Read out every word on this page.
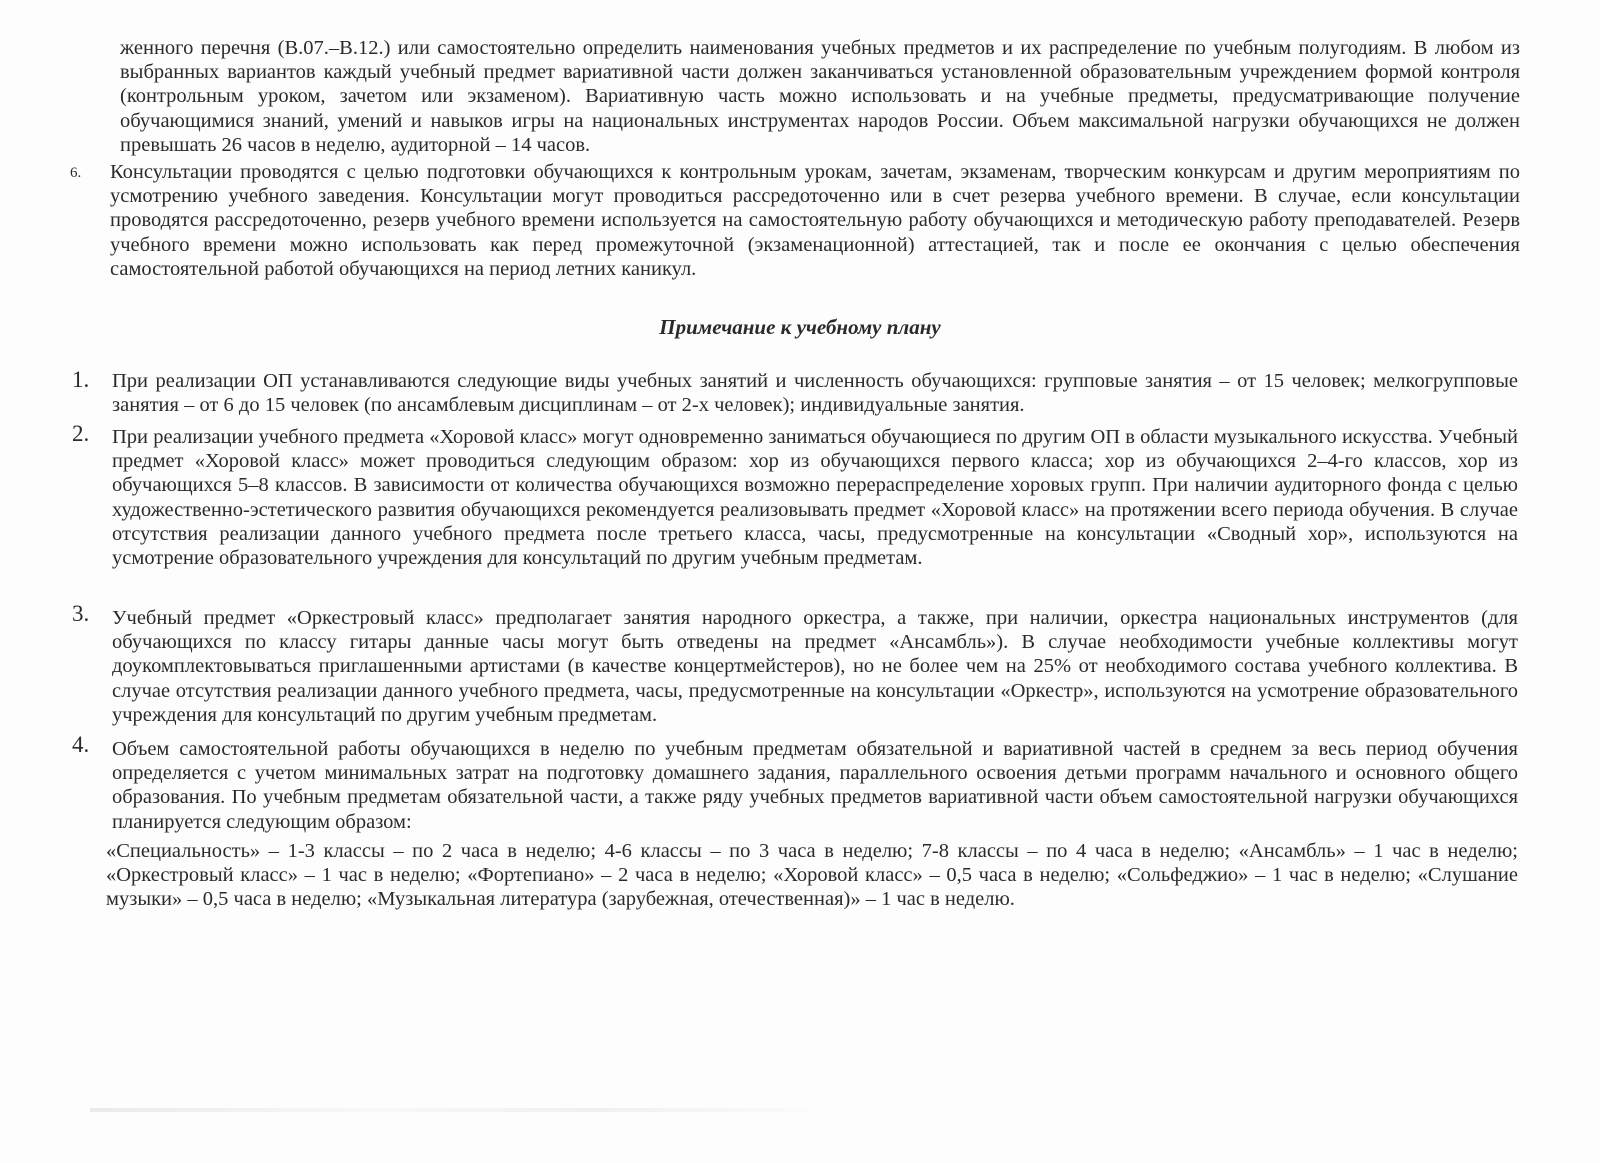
женного перечня (В.07.–В.12.) или самостоятельно определить наименования учебных предметов и их распределение по учебным полугодиям. В любом из выбранных вариантов каждый учебный предмет вариативной части должен заканчиваться установленной образовательным учреждением формой контроля (контрольным уроком, зачетом или экзаменом). Вариативную часть можно использовать и на учебные предметы, предусматривающие получение обучающимися знаний, умений и навыков игры на национальных инструментах народов России. Объем максимальной нагрузки обучающихся не должен превышать 26 часов в неделю, аудиторной – 14 часов.

6. Консультации проводятся с целью подготовки обучающихся к контрольным урокам, зачетам, экзаменам, творческим конкурсам и другим мероприятиям по усмотрению учебного заведения. Консультации могут проводиться рассредоточенно или в счет резерва учебного времени. В случае, если консультации проводятся рассредоточенно, резерв учебного времени используется на самостоятельную работу обучающихся и методическую работу преподавателей. Резерв учебного времени можно использовать как перед промежуточной (экзаменационной) аттестацией, так и после ее окончания с целью обеспечения самостоятельной работой обучающихся на период летних каникул.

Примечание к учебному плану
1. При реализации ОП устанавливаются следующие виды учебных занятий и численность обучающихся: групповые занятия – от 15 человек; мелкогрупповые занятия – от 6 до 15 человек (по ансамблевым дисциплинам – от 2-х человек); индивидуальные занятия.

2. При реализации учебного предмета «Хоровой класс» могут одновременно заниматься обучающиеся по другим ОП в области музыкального искусства. Учебный предмет «Хоровой класс» может проводиться следующим образом: хор из обучающихся первого класса; хор из обучающихся 2–4-го классов, хор из обучающихся 5–8 классов. В зависимости от количества обучающихся возможно перераспределение хоровых групп. При наличии аудиторного фонда с целью художественно-эстетического развития обучающихся рекомендуется реализовывать предмет «Хоровой класс» на протяжении всего периода обучения. В случае отсутствия реализации данного учебного предмета после третьего класса, часы, предусмотренные на консультации «Сводный хор», используются на усмотрение образовательного учреждения для консультаций по другим учебным предметам.

3. Учебный предмет «Оркестровый класс» предполагает занятия народного оркестра, а также, при наличии, оркестра национальных инструментов (для обучающихся по классу гитары данные часы могут быть отведены на предмет «Ансамбль»). В случае необходимости учебные коллективы могут доукомплектовываться приглашенными артистами (в качестве концертмейстеров), но не более чем на 25% от необходимого состава учебного коллектива. В случае отсутствия реализации данного учебного предмета, часы, предусмотренные на консультации «Оркестр», используются на усмотрение образовательного учреждения для консультаций по другим учебным предметам.

4. Объем самостоятельной работы обучающихся в неделю по учебным предметам обязательной и вариативной частей в среднем за весь период обучения определяется с учетом минимальных затрат на подготовку домашнего задания, параллельного освоения детьми программ начального и основного общего образования. По учебным предметам обязательной части, а также ряду учебных предметов вариативной части объем самостоятельной нагрузки обучающихся планируется следующим образом:

«Специальность» – 1-3 классы – по 2 часа в неделю; 4-6 классы – по 3 часа в неделю; 7-8 классы – по 4 часа в неделю; «Ансамбль» – 1 час в неделю; «Оркестровый класс» – 1 час в неделю; «Фортепиано» – 2 часа в неделю; «Хоровой класс» – 0,5 часа в неделю; «Сольфеджио» – 1 час в неделю; «Слушание музыки» – 0,5 часа в неделю; «Музыкальная литература (зарубежная, отечественная)» – 1 час в неделю.
